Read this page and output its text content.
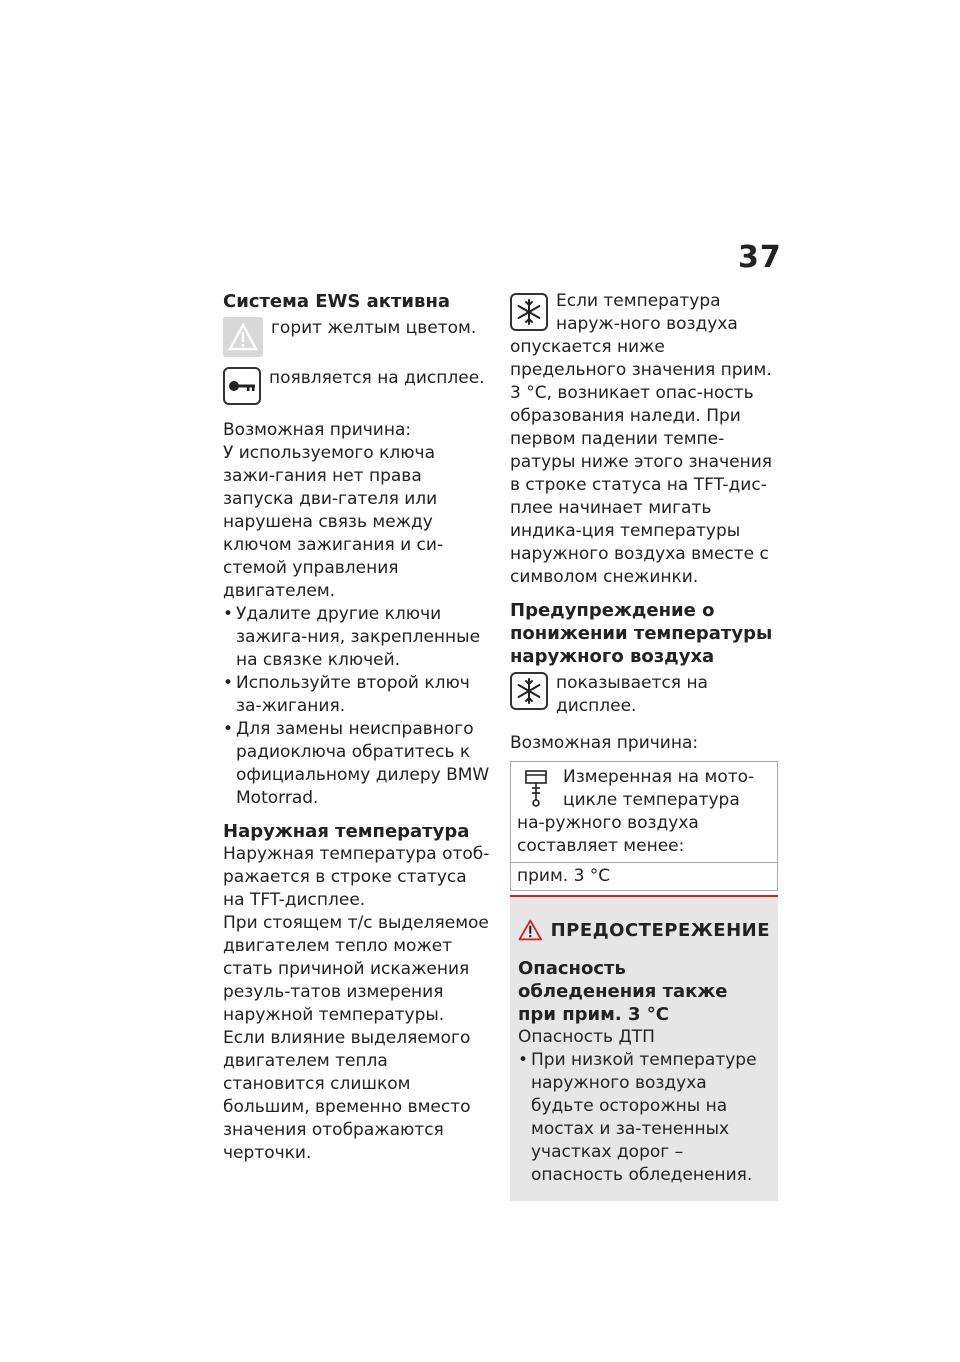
37

Система EWS активна

горит желтым цветом.

появляется на дисплее.

Возможная причина:

У используемого ключа зажи-гания нет права запуска дви-гателя или нарушена связь между ключом зажигания и си-стемой управления двигателем.

• Удалите другие ключи зажига-ния, закрепленные на связке ключей.
• Используйте второй ключ за-жигания.
• Для замены неисправного радиоключа обратитесь к официальному дилеру BMW Motorrad.

Наружная температура

Наружная температура отоб-ражается в строке статуса на TFT-дисплее.

При стоящем т/с выделяемое двигателем тепло может стать причиной искажения резуль-татов измерения наружной температуры. Если влияние выделяемого двигателем тепла становится слишком большим, временно вместо значения отображаются черточки.

Если температура наруж-ного воздуха опускается ниже предельного значения прим. 3 °C, возникает опас-ность образования наледи. При первом падении темпе-ратуры ниже этого значения в строке статуса на TFT-дис-плее начинает мигать индика-ция температуры наружного воздуха вместе с символом снежинки.

Предупреждение о понижении температуры наружного воздуха

показывается на дисплее.

Возможная причина:

Измеренная на мото-цикле температура на-ружного воздуха составляет менее:

прим. 3 °C
ПРЕДОСТЕРЕЖЕНИЕ

Опасность обледенения также при прим. 3 °C

Опасность ДТП

• При низкой температуре наружного воздуха будьте осторожны на мостах и за-тененных участках дорог – опасность обледенения.
